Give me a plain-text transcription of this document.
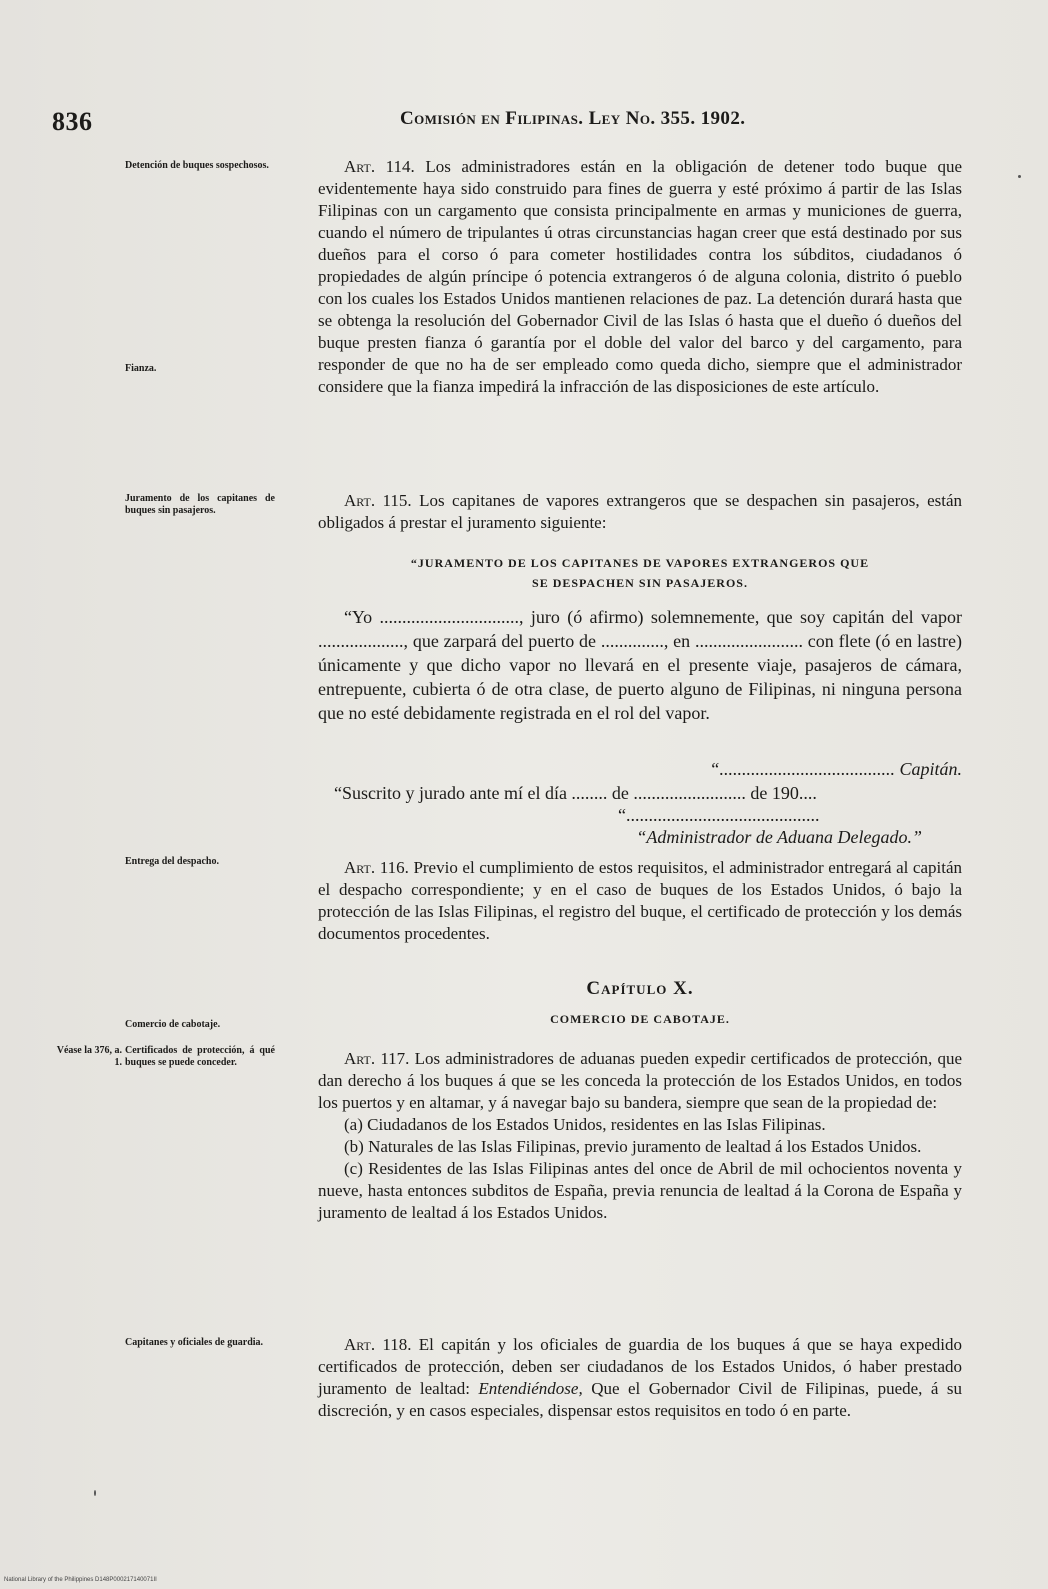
836	Comisión en Filipinas. Ley No. 355. 1902.
Detención de buques sospechosos.
Fianza.
Juramento de los capitanes de buques sin pasajeros.
Entrega del despacho.
Comercio de cabotaje.
Véase la 376, a. 1.
Certificados de protección, á qué buques se puede conceder.
Capitanes y oficiales de guardia.

Art. 114. Los administradores están en la obligación de detener todo buque que evidentemente haya sido construido para fines de guerra y esté próximo á partir de las Islas Filipinas con un cargamento que consista principalmente en armas y municiones de guerra, cuando el número de tripulantes ú otras circunstancias hagan creer que está destinado por sus dueños para el corso ó para cometer hostilidades contra los súbditos, ciudadanos ó propiedades de algún príncipe ó potencia extrangeros ó de alguna colonia, distrito ó pueblo con los cuales los Estados Unidos mantienen relaciones de paz. La detención durará hasta que se obtenga la resolución del Gobernador Civil de las Islas ó hasta que el dueño ó dueños del buque presten fianza ó garantía por el doble del valor del barco y del cargamento, para responder de que no ha de ser empleado como queda dicho, siempre que el administrador considere que la fianza impedirá la infracción de las disposiciones de este artículo.

Art. 115. Los capitanes de vapores extrangeros que se despachen sin pasajeros, están obligados á prestar el juramento siguiente:

“JURAMENTO DE LOS CAPITANES DE VAPORES EXTRANGEROS QUE
SE DESPACHEN SIN PASAJEROS.

“Yo ..............................., juro (ó afirmo) solemnemente, que soy capitán del vapor ..................., que zarpará del puerto de .............., en ........................ con flete (ó en lastre) únicamente y que dicho vapor no llevará en el presente viaje, pasajeros de cámara, entrepuente, cubierta ó de otra clase, de puerto alguno de Filipinas, ni ninguna persona que no esté debidamente registrada en el rol del vapor.

“....................................... Capitán.
“Suscrito y jurado ante mí el día ........ de ......................... de 190....
“...........................................
“Administrador de Aduana Delegado.”

Art. 116. Previo el cumplimiento de estos requisitos, el administrador entregará al capitán el despacho correspondiente; y en el caso de buques de los Estados Unidos, ó bajo la protección de las Islas Filipinas, el registro del buque, el certificado de protección y los demás documentos procedentes.

Capítulo X.
COMERCIO DE CABOTAJE.

Art. 117. Los administradores de aduanas pueden expedir certificados de protección, que dan derecho á los buques á que se les conceda la protección de los Estados Unidos, en todos los puertos y en altamar, y á navegar bajo su bandera, siempre que sean de la propiedad de:

(a) Ciudadanos de los Estados Unidos, residentes en las Islas Filipinas.

(b) Naturales de las Islas Filipinas, previo juramento de lealtad á los Estados Unidos.

(c) Residentes de las Islas Filipinas antes del once de Abril de mil ochocientos noventa y nueve, hasta entonces subditos de España, previa renuncia de lealtad á la Corona de España y juramento de lealtad á los Estados Unidos.

Art. 118. El capitán y los oficiales de guardia de los buques á que se haya expedido certificados de protección, deben ser ciudadanos de los Estados Unidos, ó haber prestado juramento de lealtad: Entendiéndose, Que el Gobernador Civil de Filipinas, puede, á su discreción, y en casos especiales, dispensar estos requisitos en todo ó en parte.

National Library of the Philippines D148P000217140071II
